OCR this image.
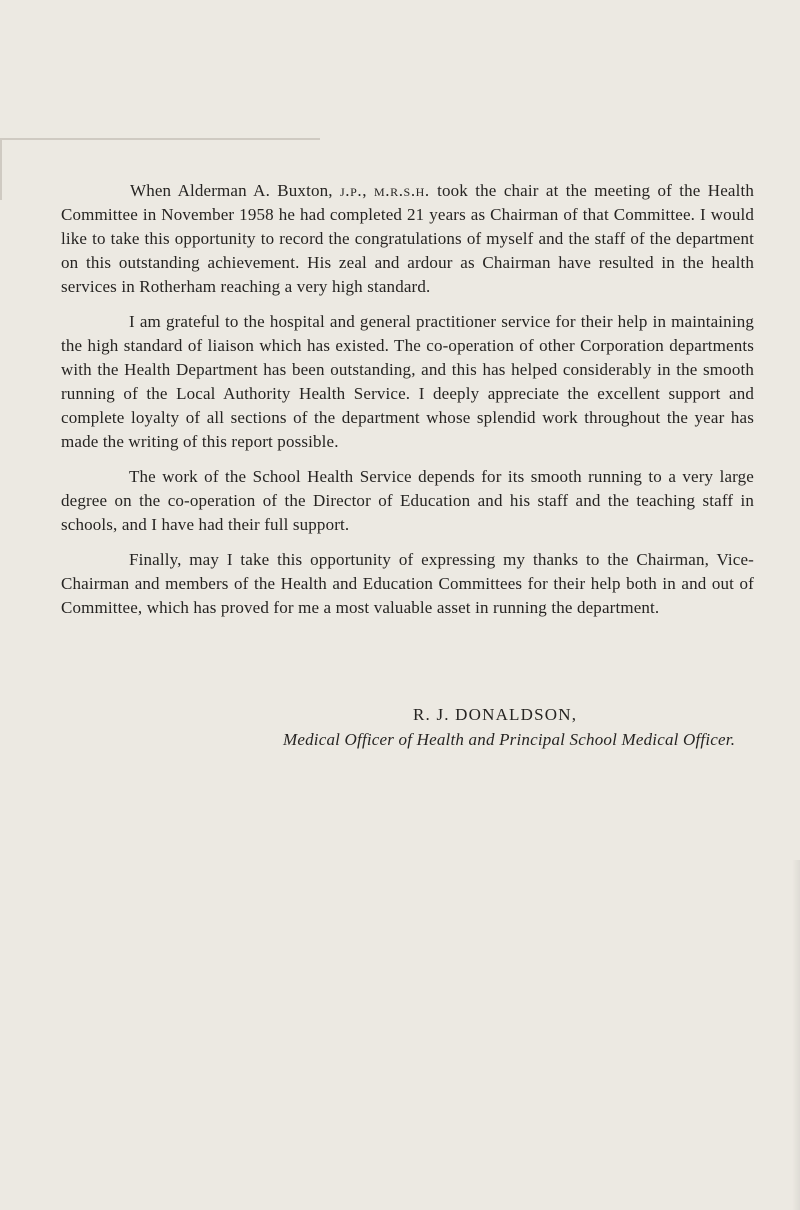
When Alderman A. Buxton, j.p., m.r.s.h. took the chair at the meeting of the Health Committee in November 1958 he had completed 21 years as Chairman of that Committee. I would like to take this opportunity to record the congratulations of myself and the staff of the department on this outstanding achievement. His zeal and ardour as Chairman have resulted in the health services in Rotherham reaching a very high standard.

I am grateful to the hospital and general practitioner service for their help in maintaining the high standard of liaison which has existed. The co-operation of other Corporation departments with the Health Department has been outstanding, and this has helped considerably in the smooth running of the Local Authority Health Service. I deeply appreciate the excellent support and complete loyalty of all sections of the department whose splendid work throughout the year has made the writing of this report possible.

The work of the School Health Service depends for its smooth running to a very large degree on the co-operation of the Director of Education and his staff and the teaching staff in schools, and I have had their full support.

Finally, may I take this opportunity of expressing my thanks to the Chairman, Vice-Chairman and members of the Health and Education Committees for their help both in and out of Committee, which has proved for me a most valuable asset in running the department.

R. J. DONALDSON,
Medical Officer of Health and Principal School Medical Officer.
